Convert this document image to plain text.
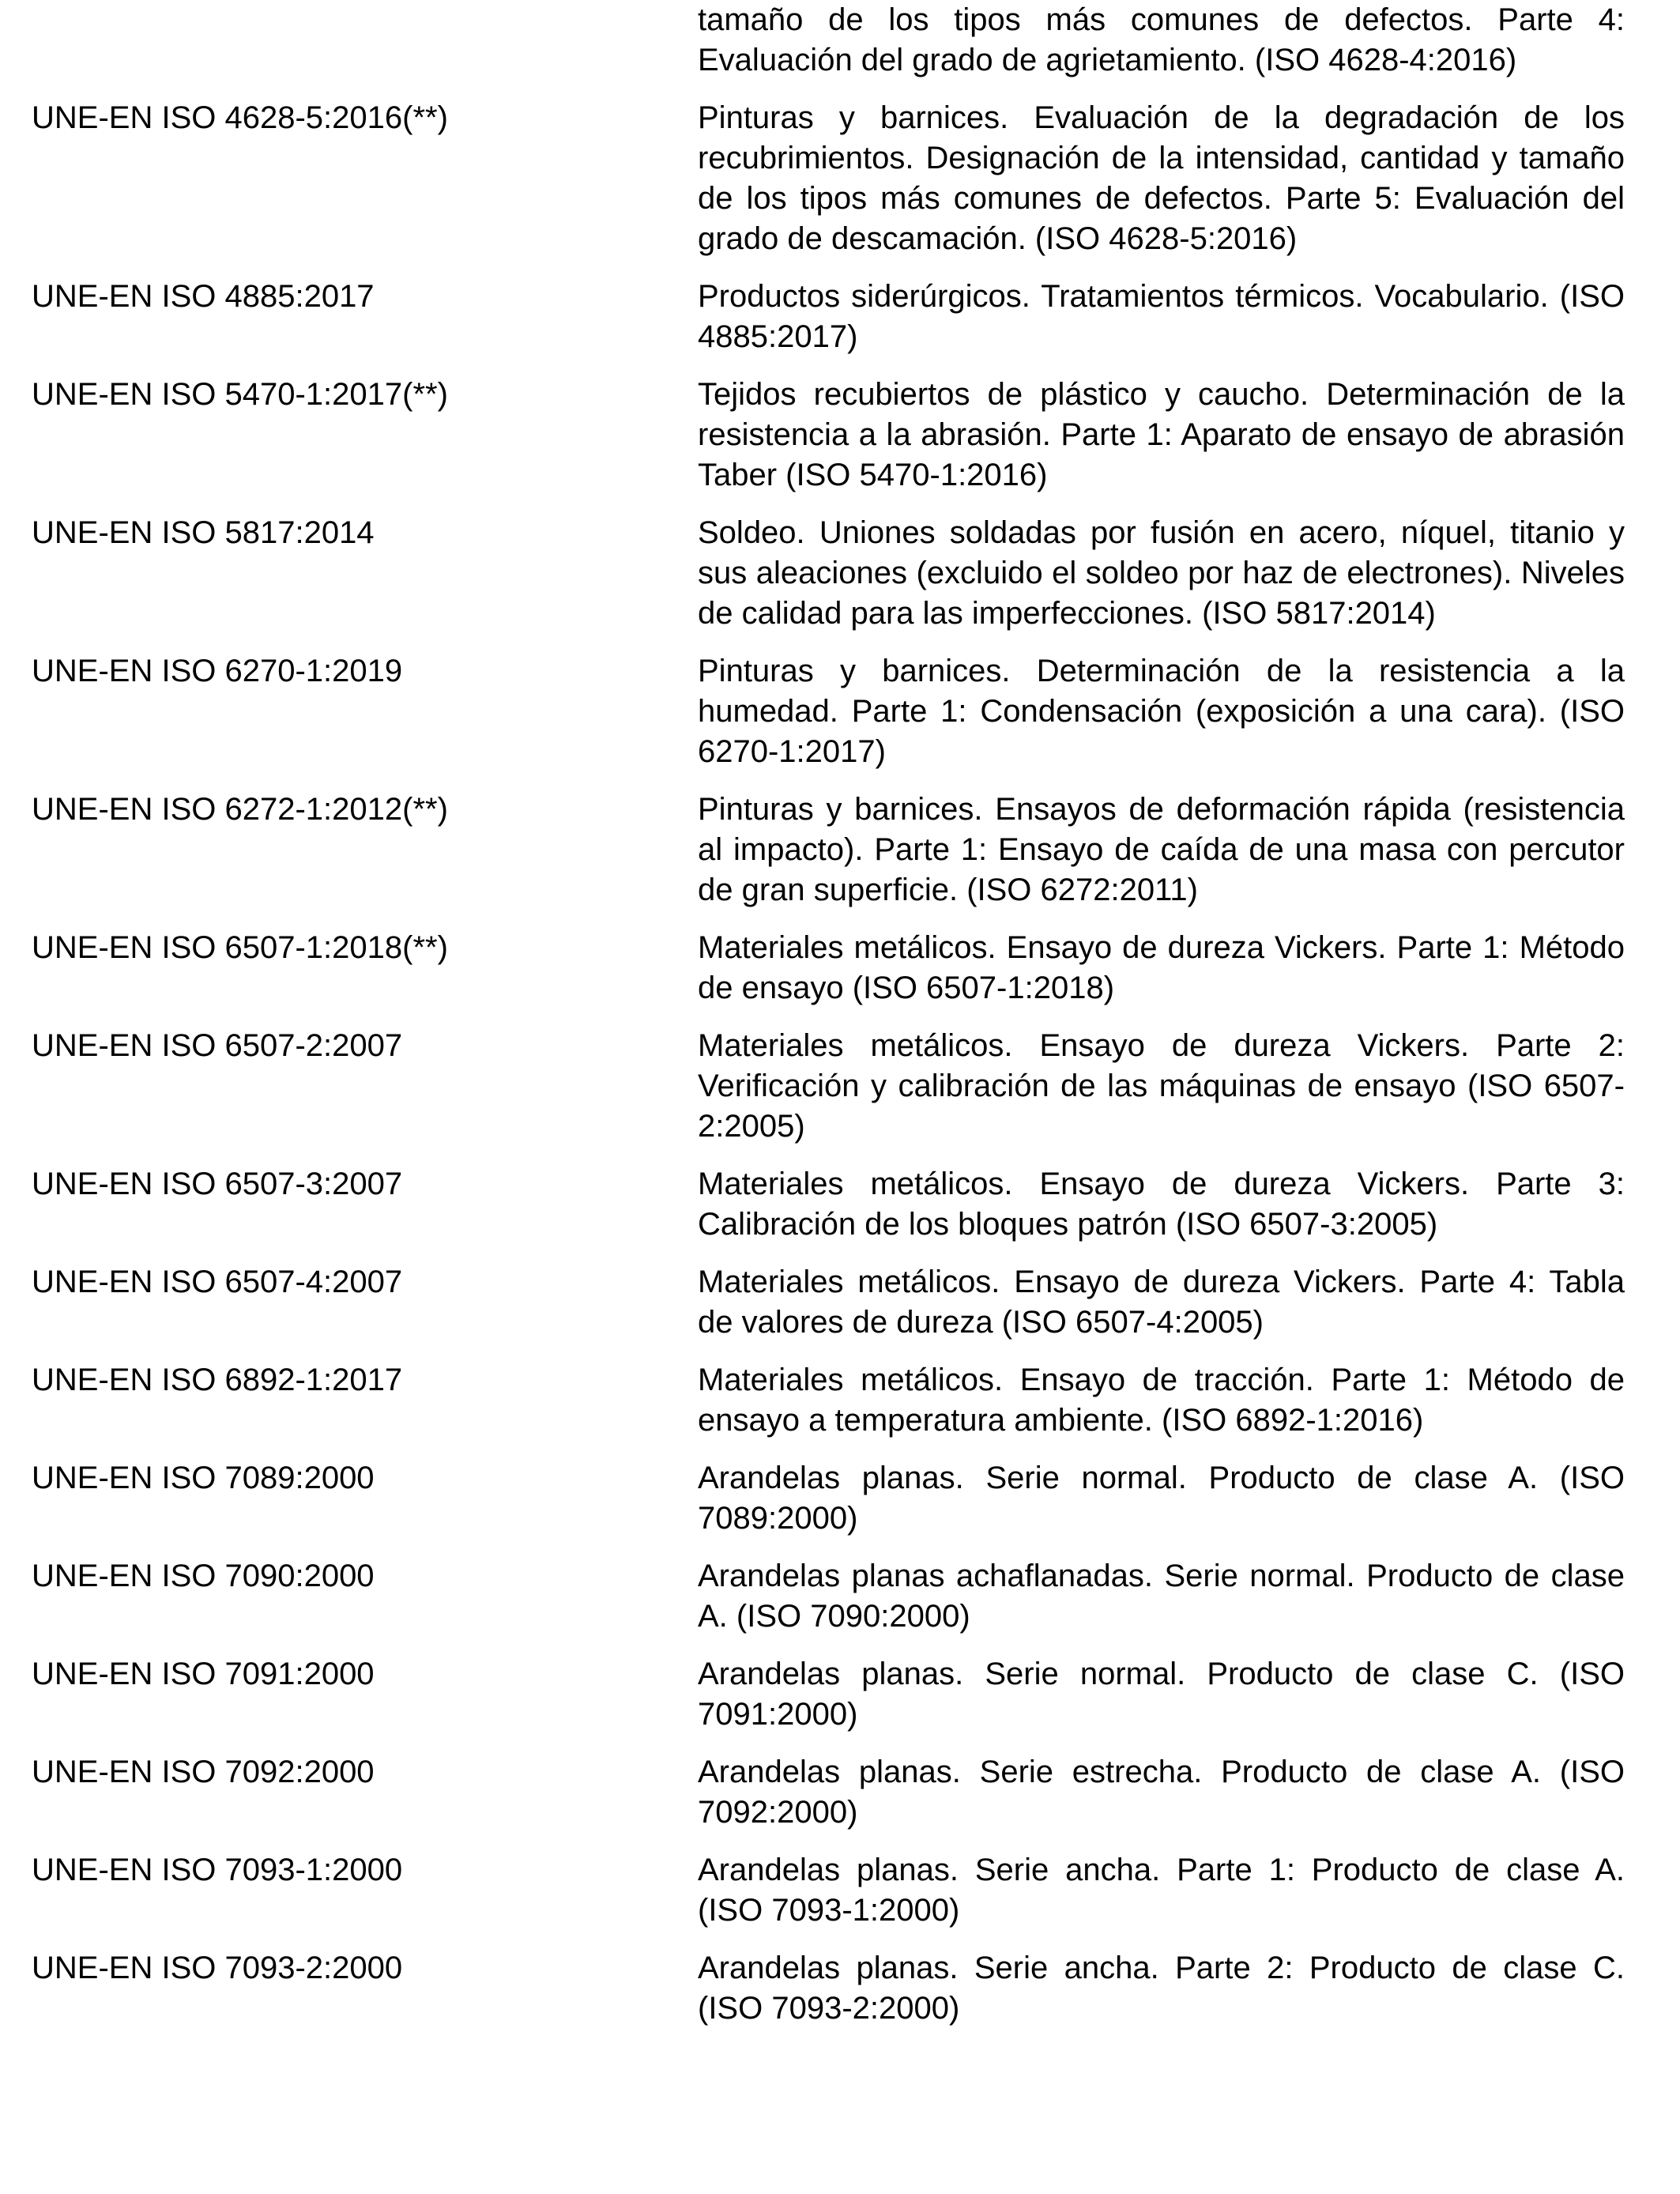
tamaño de los tipos más comunes de defectos. Parte 4: Evaluación del grado de agrietamiento. (ISO 4628-4:2016)
UNE-EN ISO 4628-5:2016(**)	Pinturas y barnices. Evaluación de la degradación de los recubrimientos. Designación de la intensidad, cantidad y tamaño de los tipos más comunes de defectos. Parte 5: Evaluación del grado de descamación. (ISO 4628-5:2016)
UNE-EN ISO 4885:2017	Productos siderúrgicos. Tratamientos térmicos. Vocabulario. (ISO 4885:2017)
UNE-EN ISO 5470-1:2017(**)	Tejidos recubiertos de plástico y caucho. Determinación de la resistencia a la abrasión. Parte 1: Aparato de ensayo de abrasión Taber (ISO 5470-1:2016)
UNE-EN ISO 5817:2014	Soldeo. Uniones soldadas por fusión en acero, níquel, titanio y sus aleaciones (excluido el soldeo por haz de electrones). Niveles de calidad para las imperfecciones. (ISO 5817:2014)
UNE-EN ISO 6270-1:2019	Pinturas y barnices. Determinación de la resistencia a la humedad. Parte 1: Condensación (exposición a una cara). (ISO 6270-1:2017)
UNE-EN ISO 6272-1:2012(**)	Pinturas y barnices. Ensayos de deformación rápida (resistencia al impacto). Parte 1: Ensayo de caída de una masa con percutor de gran superficie. (ISO 6272:2011)
UNE-EN ISO 6507-1:2018(**)	Materiales metálicos. Ensayo de dureza Vickers. Parte 1: Método de ensayo (ISO 6507-1:2018)
UNE-EN ISO 6507-2:2007	Materiales metálicos. Ensayo de dureza Vickers. Parte 2: Verificación y calibración de las máquinas de ensayo (ISO 6507-2:2005)
UNE-EN ISO 6507-3:2007	Materiales metálicos. Ensayo de dureza Vickers. Parte 3: Calibración de los bloques patrón (ISO 6507-3:2005)
UNE-EN ISO 6507-4:2007	Materiales metálicos. Ensayo de dureza Vickers. Parte 4: Tabla de valores de dureza (ISO 6507-4:2005)
UNE-EN ISO 6892-1:2017	Materiales metálicos. Ensayo de tracción. Parte 1: Método de ensayo a temperatura ambiente. (ISO 6892-1:2016)
UNE-EN ISO 7089:2000	Arandelas planas. Serie normal. Producto de clase A. (ISO 7089:2000)
UNE-EN ISO 7090:2000	Arandelas planas achaflanadas. Serie normal. Producto de clase A. (ISO 7090:2000)
UNE-EN ISO 7091:2000	Arandelas planas. Serie normal. Producto de clase C. (ISO 7091:2000)
UNE-EN ISO 7092:2000	Arandelas planas. Serie estrecha. Producto de clase A. (ISO 7092:2000)
UNE-EN ISO 7093-1:2000	Arandelas planas. Serie ancha. Parte 1: Producto de clase A. (ISO 7093-1:2000)
UNE-EN ISO 7093-2:2000	Arandelas planas. Serie ancha. Parte 2: Producto de clase C. (ISO 7093-2:2000)
